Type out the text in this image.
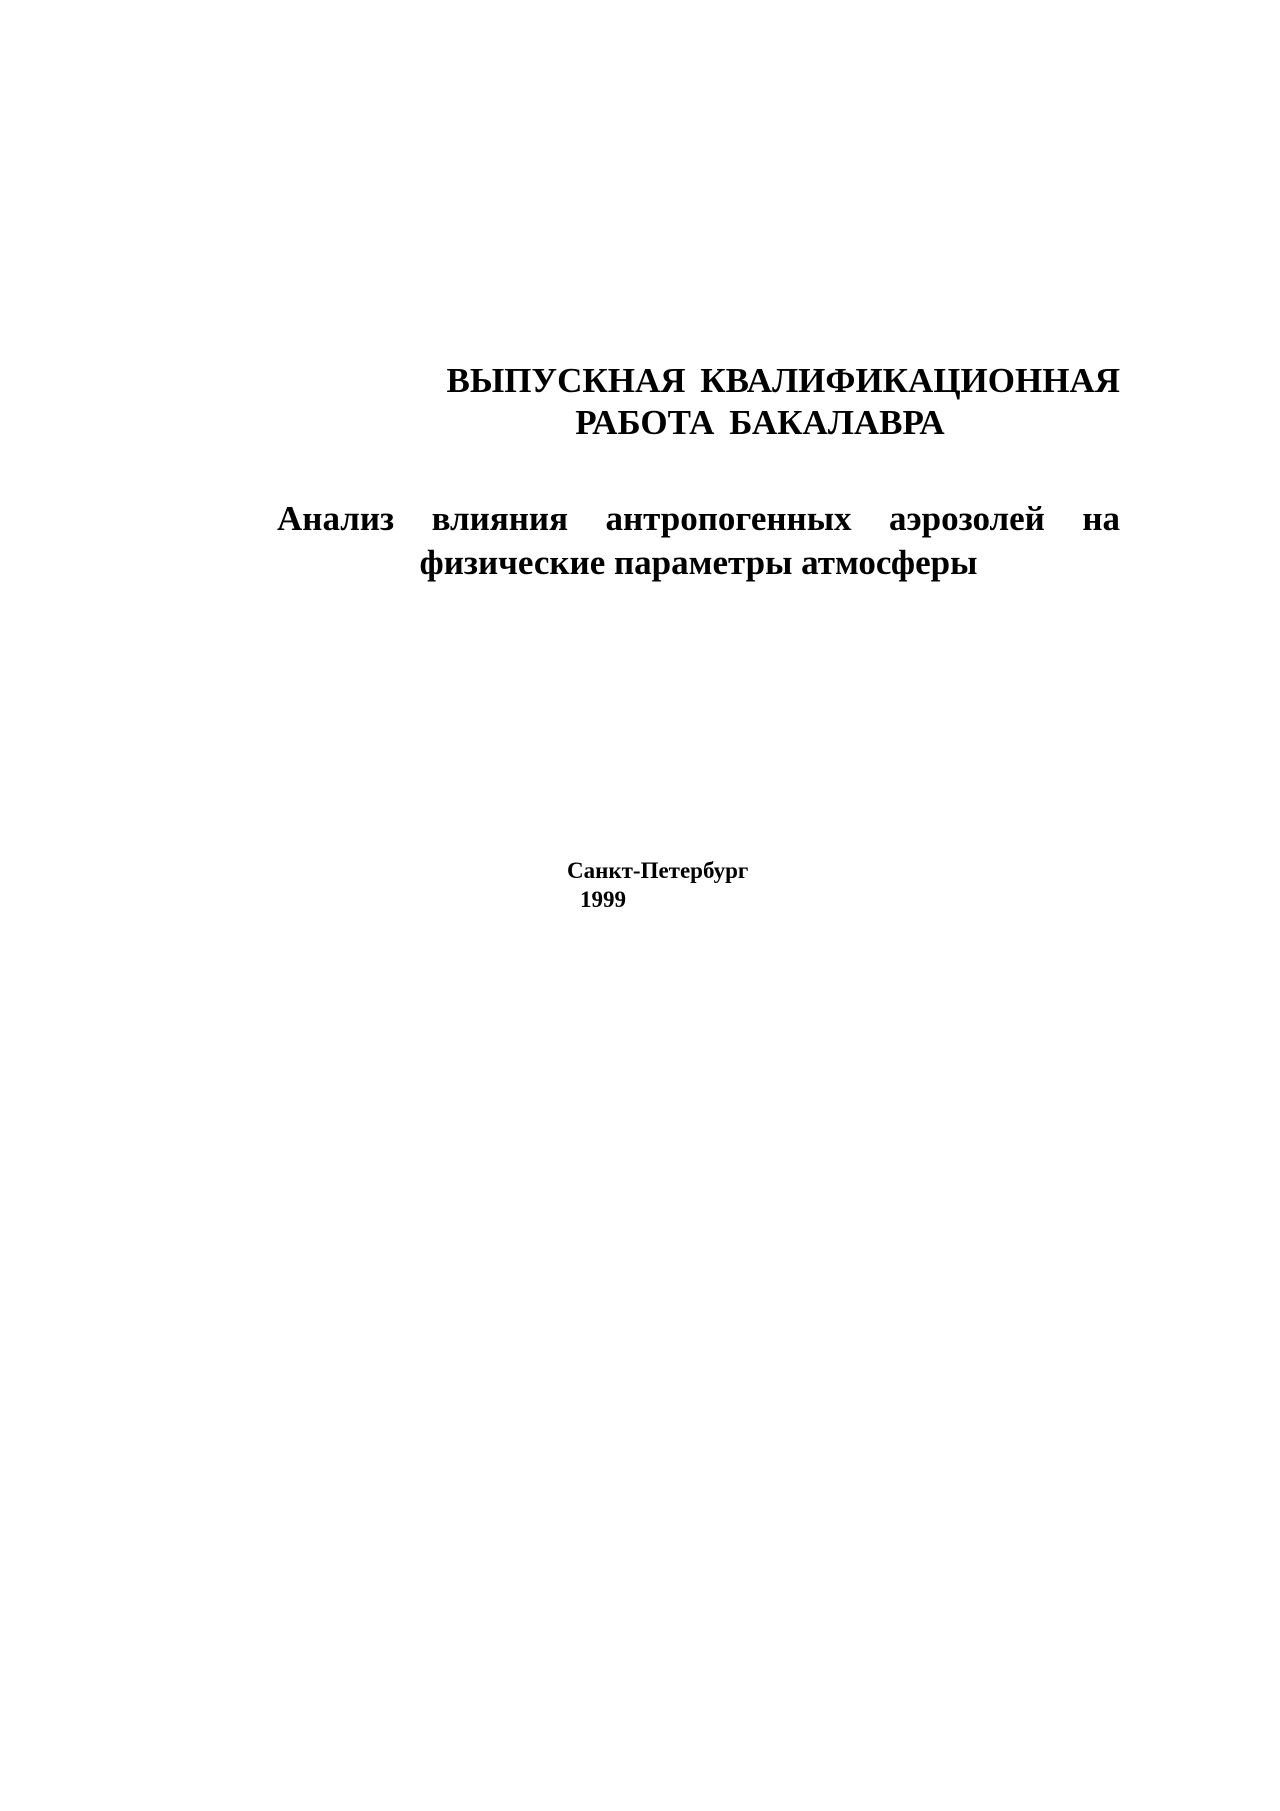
ВЫПУСКНАЯ КВАЛИФИКАЦИОННАЯ
РАБОТА БАКАЛАВРА
Анализ влияния антропогенных аэрозолей на
физические параметры атмосферы
Санкт-Петербург
1999
